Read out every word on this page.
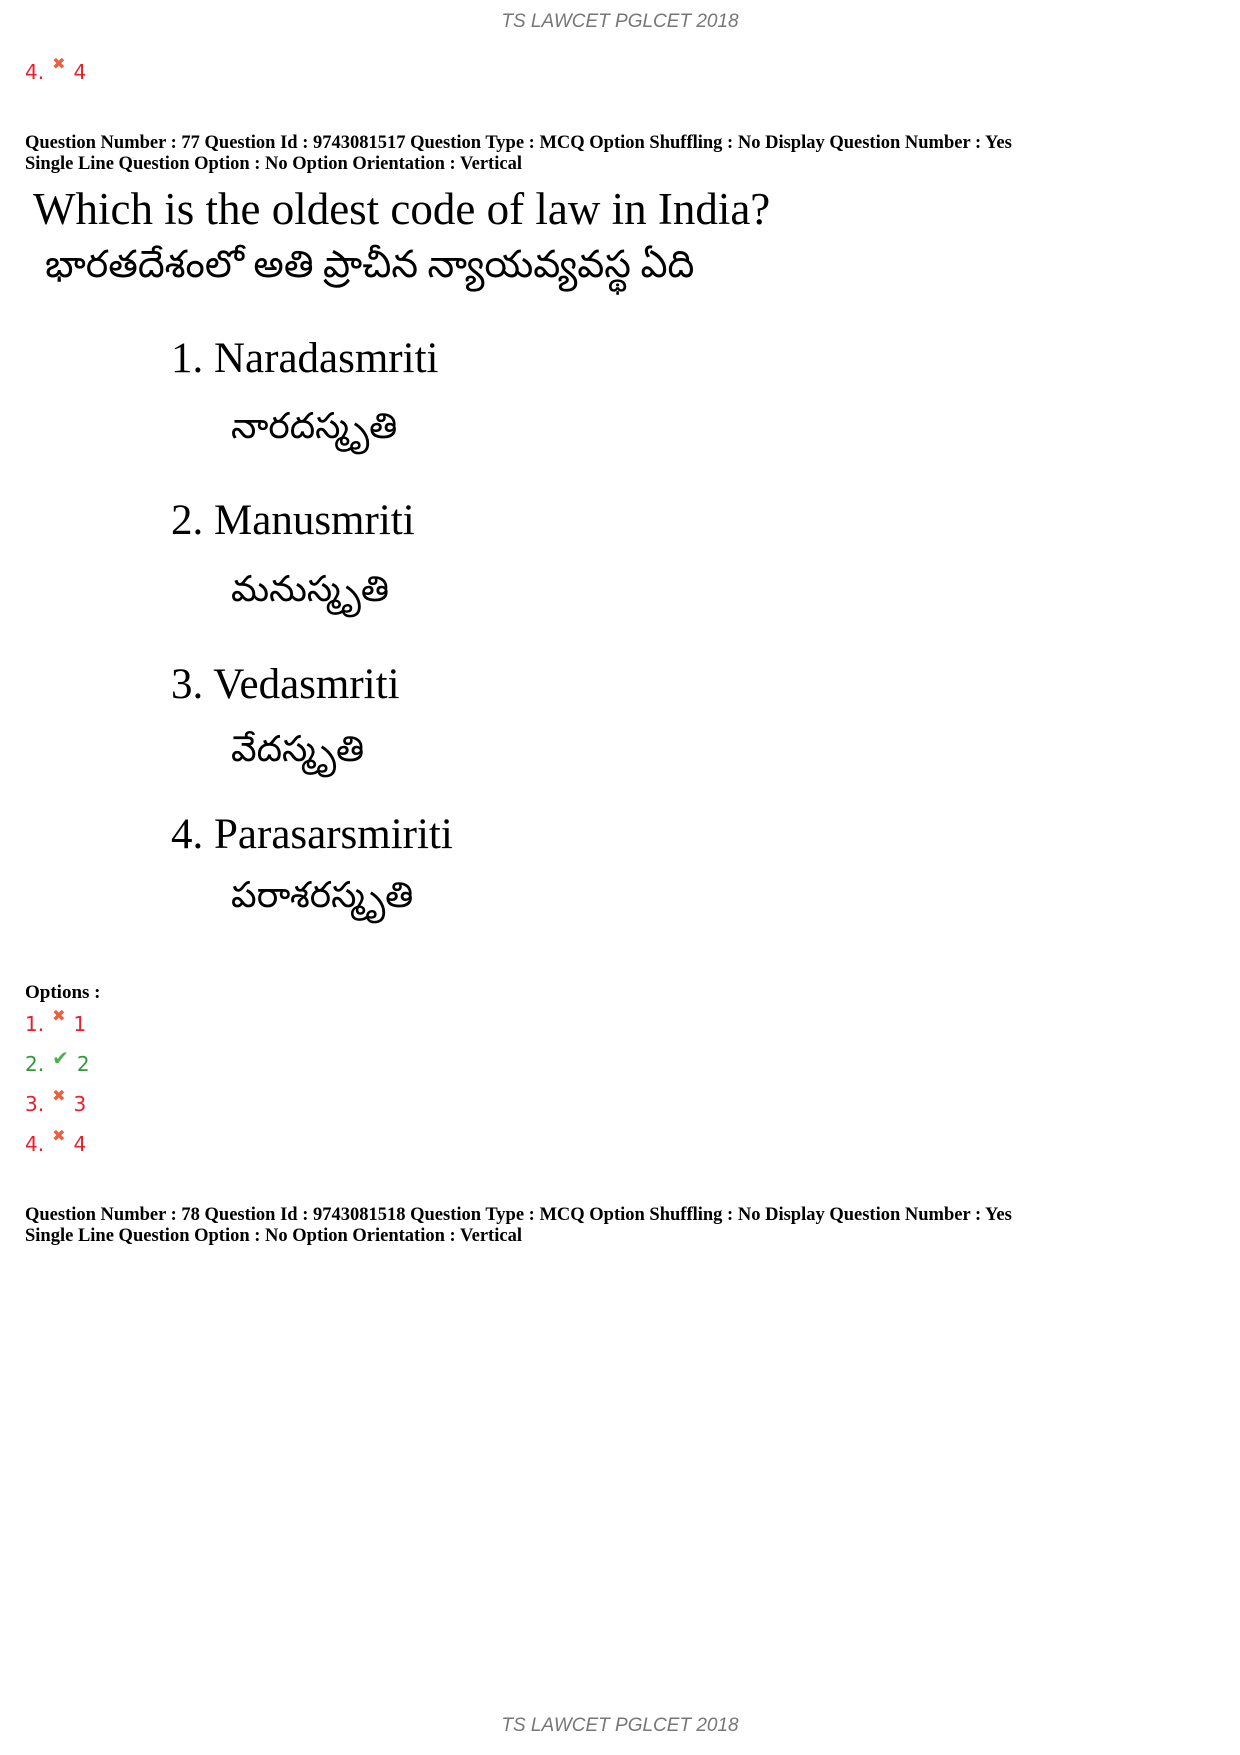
TS LAWCET PGLCET 2018
4. ✖ 4
Question Number : 77 Question Id : 9743081517 Question Type : MCQ Option Shuffling : No Display Question Number : Yes
Single Line Question Option : No Option Orientation : Vertical
Which is the oldest code of law in India?
భారతదేశంలో అతి ప్రాచీన న్యాయవ్యవస్థ ఏది
1. Naradasmriti
నారదస్మృతి
2. Manusmriti
మనుస్మృతి
3. Vedasmriti
వేదస్మృతి
4. Parasarsmiriti
పరాశరస్మృతి
Options :
1. ✖ 1
2. ✔ 2
3. ✖ 3
4. ✖ 4
Question Number : 78 Question Id : 9743081518 Question Type : MCQ Option Shuffling : No Display Question Number : Yes
Single Line Question Option : No Option Orientation : Vertical
TS LAWCET PGLCET 2018
